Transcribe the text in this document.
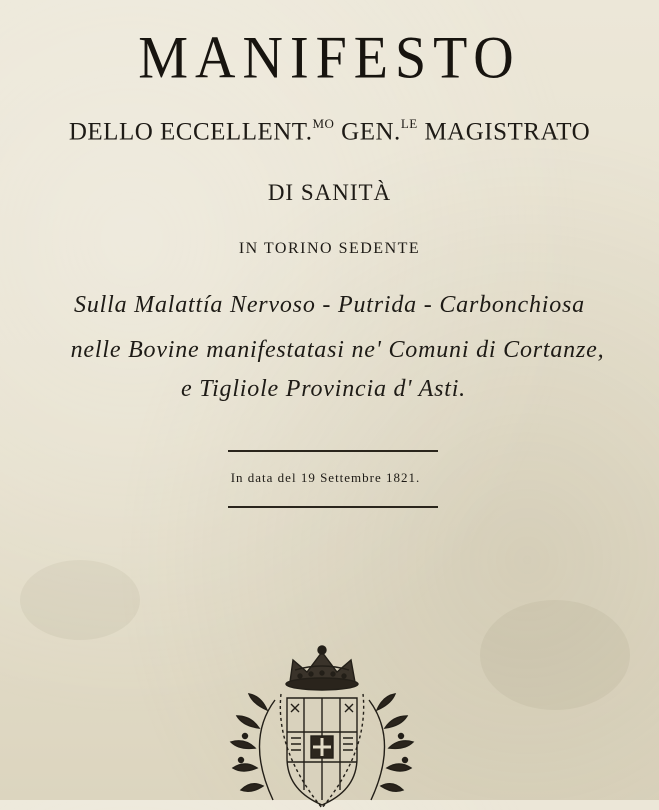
MANIFESTO
DELLO ECCELLENT.$^{MO}$ GEN.$^{LE}$ MAGISTRATO
DI SANITÀ
IN TORINO SEDENTE
Sulla Malattía Nervoso - Putrida - Carbonchiosa
nelle Bovine manifestatasi ne' Comuni di Cortanze,
e Tigliole Provincia d' Asti.
In data del 19 Settembre 1821.
